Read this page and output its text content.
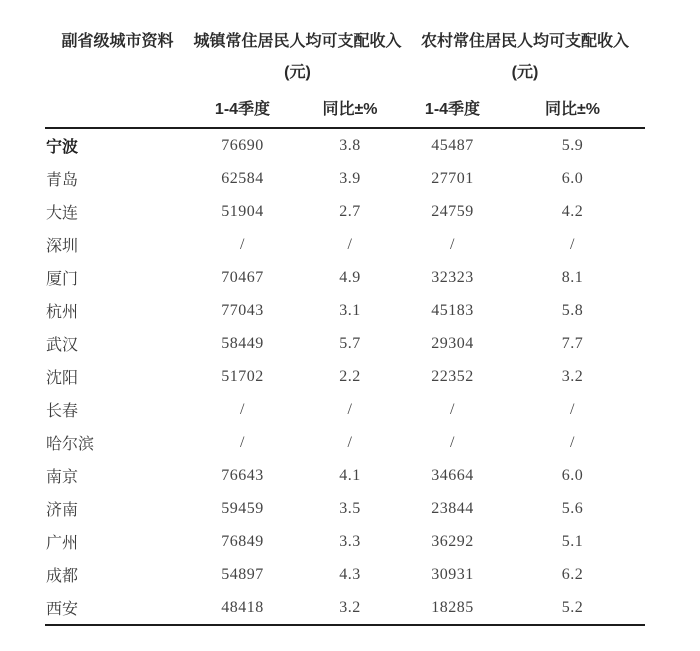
副省级城市资料	城镇常住居民人均可支配收入	农村常住居民人均可支配收入
(元)	(元)
1-4季度	同比±%	1-4季度	同比±%
宁波	76690	3.8	45487	5.9
青岛	62584	3.9	27701	6.0
大连	51904	2.7	24759	4.2
深圳	/	/	/	/
厦门	70467	4.9	32323	8.1
杭州	77043	3.1	45183	5.8
武汉	58449	5.7	29304	7.7
沈阳	51702	2.2	22352	3.2
长春	/	/	/	/
哈尔滨	/	/	/	/
南京	76643	4.1	34664	6.0
济南	59459	3.5	23844	5.6
广州	76849	3.3	36292	5.1
成都	54897	4.3	30931	6.2
西安	48418	3.2	18285	5.2
